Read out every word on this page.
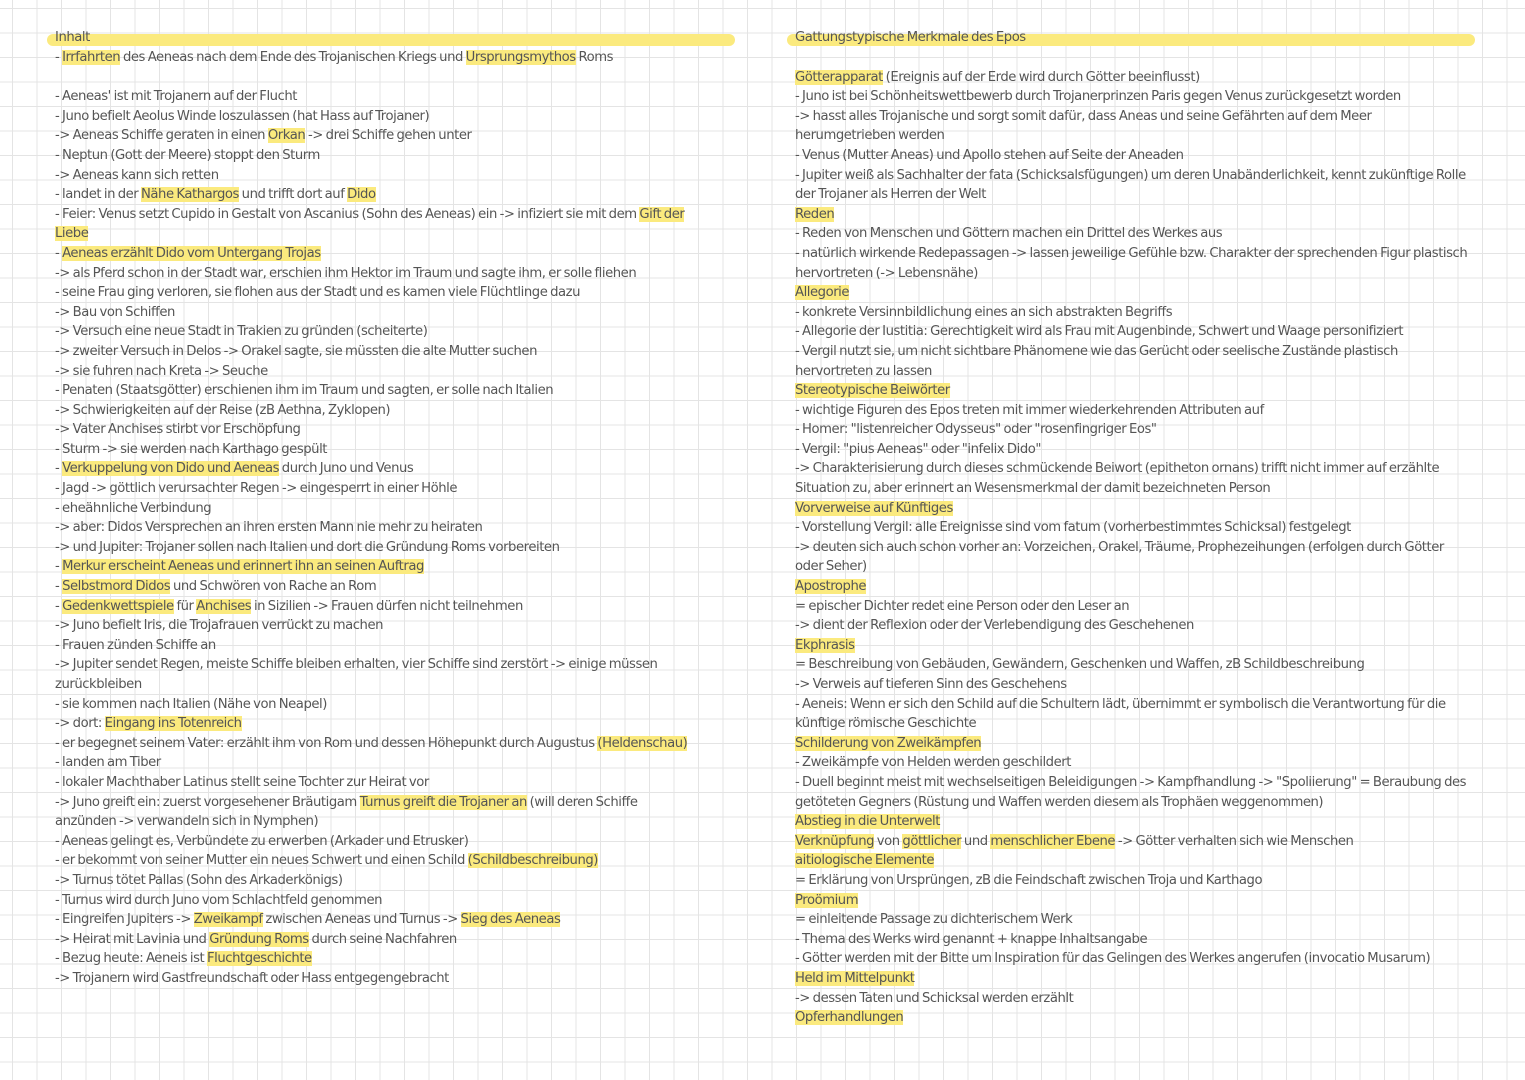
Inhalt
- Irrfahrten des Aeneas nach dem Ende des Trojanischen Kriegs und Ursprungsmythos Roms
- Aeneas' ist mit Trojanern auf der Flucht
- Juno befielt Aeolus Winde loszulassen (hat Hass auf Trojaner)
-> Aeneas Schiffe geraten in einen Orkan -> drei Schiffe gehen unter
- Neptun (Gott der Meere) stoppt den Sturm
-> Aeneas kann sich retten
- landet in der Nähe Kathargos und trifft dort auf Dido
- Feier: Venus setzt Cupido in Gestalt von Ascanius (Sohn des Aeneas) ein -> infiziert sie mit dem Gift der
Liebe
- Aeneas erzählt Dido vom Untergang Trojas
-> als Pferd schon in der Stadt war, erschien ihm Hektor im Traum und sagte ihm, er solle fliehen
- seine Frau ging verloren, sie flohen aus der Stadt und es kamen viele Flüchtlinge dazu
-> Bau von Schiffen
-> Versuch eine neue Stadt in Trakien zu gründen (scheiterte)
-> zweiter Versuch in Delos -> Orakel sagte, sie müssten die alte Mutter suchen
-> sie fuhren nach Kreta -> Seuche
- Penaten (Staatsgötter) erschienen ihm im Traum und sagten, er solle nach Italien
-> Schwierigkeiten auf der Reise (zB Aethna, Zyklopen)
-> Vater Anchises stirbt vor Erschöpfung
- Sturm -> sie werden nach Karthago gespült
- Verkuppelung von Dido und Aeneas durch Juno und Venus
- Jagd -> göttlich verursachter Regen -> eingesperrt in einer Höhle
- eheähnliche Verbindung
-> aber: Didos Versprechen an ihren ersten Mann nie mehr zu heiraten
-> und Jupiter: Trojaner sollen nach Italien und dort die Gründung Roms vorbereiten
- Merkur erscheint Aeneas und erinnert ihn an seinen Auftrag
- Selbstmord Didos und Schwören von Rache an Rom
- Gedenkwettspiele für Anchises in Sizilien -> Frauen dürfen nicht teilnehmen
-> Juno befielt Iris, die Trojafrauen verrückt zu machen
- Frauen zünden Schiffe an
-> Jupiter sendet Regen, meiste Schiffe bleiben erhalten, vier Schiffe sind zerstört -> einige müssen
zurückbleiben
- sie kommen nach Italien (Nähe von Neapel)
-> dort: Eingang ins Totenreich
- er begegnet seinem Vater: erzählt ihm von Rom und dessen Höhepunkt durch Augustus (Heldenschau)
- landen am Tiber
- lokaler Machthaber Latinus stellt seine Tochter zur Heirat vor
-> Juno greift ein: zuerst vorgesehener Bräutigam Turnus greift die Trojaner an (will deren Schiffe
anzünden -> verwandeln sich in Nymphen)
- Aeneas gelingt es, Verbündete zu erwerben (Arkader und Etrusker)
- er bekommt von seiner Mutter ein neues Schwert und einen Schild (Schildbeschreibung)
-> Turnus tötet Pallas (Sohn des Arkaderkönigs)
- Turnus wird durch Juno vom Schlachtfeld genommen
- Eingreifen Jupiters -> Zweikampf zwischen Aeneas und Turnus -> Sieg des Aeneas
-> Heirat mit Lavinia und Gründung Roms durch seine Nachfahren
- Bezug heute: Aeneis ist Fluchtgeschichte
-> Trojanern wird Gastfreundschaft oder Hass entgegengebracht
Gattungstypische Merkmale des Epos
Götterapparat (Ereignis auf der Erde wird durch Götter beeinflusst)
- Juno ist bei Schönheitswettbewerb durch Trojanerprinzen Paris gegen Venus zurückgesetzt worden
-> hasst alles Trojanische und sorgt somit dafür, dass Aneas und seine Gefährten auf dem Meer
herumgetrieben werden
- Venus (Mutter Aneas) und Apollo stehen auf Seite der Aneaden
- Jupiter weiß als Sachhalter der fata (Schicksalsfügungen) um deren Unabänderlichkeit, kennt zukünftige Rolle
der Trojaner als Herren der Welt
Reden
- Reden von Menschen und Göttern machen ein Drittel des Werkes aus
- natürlich wirkende Redepassagen -> lassen jeweilige Gefühle bzw. Charakter der sprechenden Figur plastisch
hervortreten (-> Lebensnähe)
Allegorie
- konkrete Versinnbildlichung eines an sich abstrakten Begriffs
- Allegorie der Iustitia: Gerechtigkeit wird als Frau mit Augenbinde, Schwert und Waage personifiziert
- Vergil nutzt sie, um nicht sichtbare Phänomene wie das Gerücht oder seelische Zustände plastisch
hervortreten zu lassen
Stereotypische Beiwörter
- wichtige Figuren des Epos treten mit immer wiederkehrenden Attributen auf
- Homer: "listenreicher Odysseus" oder "rosenfingriger Eos"
- Vergil: "pius Aeneas" oder "infelix Dido"
-> Charakterisierung durch dieses schmückende Beiwort (epitheton ornans) trifft nicht immer auf erzählte
Situation zu, aber erinnert an Wesensmerkmal der damit bezeichneten Person
Vorverweise auf Künftiges
- Vorstellung Vergil: alle Ereignisse sind vom fatum (vorherbestimmtes Schicksal) festgelegt
-> deuten sich auch schon vorher an: Vorzeichen, Orakel, Träume, Prophezeihungen (erfolgen durch Götter
oder Seher)
Apostrophe
= epischer Dichter redet eine Person oder den Leser an
-> dient der Reflexion oder der Verlebendigung des Geschehenen
Ekphrasis
= Beschreibung von Gebäuden, Gewändern, Geschenken und Waffen, zB Schildbeschreibung
-> Verweis auf tieferen Sinn des Geschehens
- Aeneis: Wenn er sich den Schild auf die Schultern lädt, übernimmt er symbolisch die Verantwortung für die
künftige römische Geschichte
Schilderung von Zweikämpfen
- Zweikämpfe von Helden werden geschildert
- Duell beginnt meist mit wechselseitigen Beleidigungen -> Kampfhandlung -> "Spoliierung" = Beraubung des
getöteten Gegners (Rüstung und Waffen werden diesem als Trophäen weggenommen)
Abstieg in die Unterwelt
Verknüpfung von göttlicher und menschlicher Ebene -> Götter verhalten sich wie Menschen
aitiologische Elemente
= Erklärung von Ursprüngen, zB die Feindschaft zwischen Troja und Karthago
Proömium
= einleitende Passage zu dichterischem Werk
- Thema des Werks wird genannt + knappe Inhaltsangabe
- Götter werden mit der Bitte um Inspiration für das Gelingen des Werkes angerufen (invocatio Musarum)
Held im Mittelpunkt
-> dessen Taten und Schicksal werden erzählt
Opferhandlungen
